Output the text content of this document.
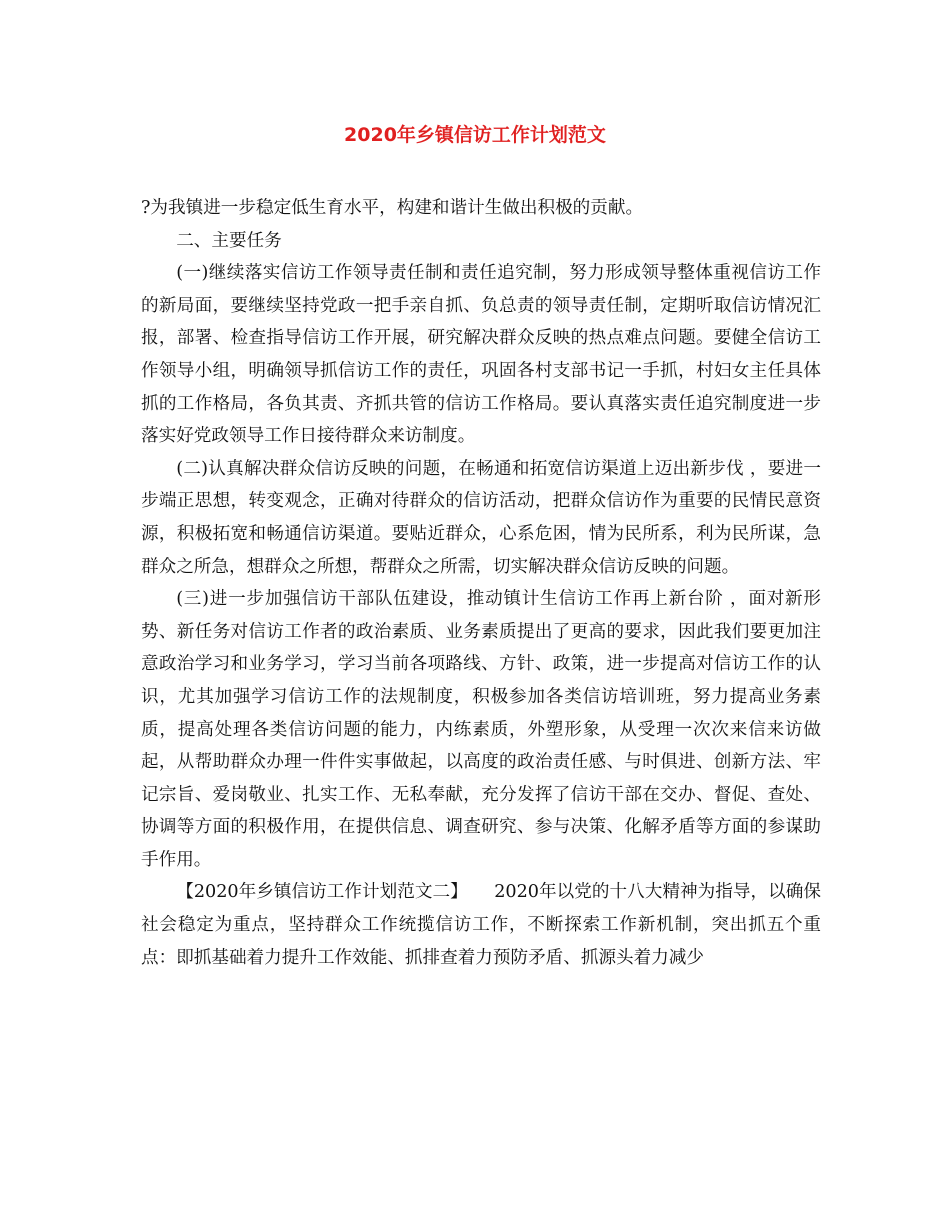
2020年乡镇信访工作计划范文

?为我镇进一步稳定低生育水平，构建和谐计生做出积极的贡献。

二、主要任务

(一)继续落实信访工作领导责任制和责任追究制，努力形成领导整体重视信访工作的新局面，要继续坚持党政一把手亲自抓、负总责的领导责任制，定期听取信访情况汇报，部署、检查指导信访工作开展，研究解决群众反映的热点难点问题。要健全信访工作领导小组，明确领导抓信访工作的责任，巩固各村支部书记一手抓，村妇女主任具体抓的工作格局，各负其责、齐抓共管的信访工作格局。要认真落实责任追究制度进一步落实好党政领导工作日接待群众来访制度。

(二)认真解决群众信访反映的问题，在畅通和拓宽信访渠道上迈出新步伐 ，要进一步端正思想，转变观念，正确对待群众的信访活动，把群众信访作为重要的民情民意资源，积极拓宽和畅通信访渠道。要贴近群众，心系危困，情为民所系，利为民所谋，急群众之所急，想群众之所想，帮群众之所需，切实解决群众信访反映的问题。

(三)进一步加强信访干部队伍建设，推动镇计生信访工作再上新台阶 ，面对新形势、新任务对信访工作者的政治素质、业务素质提出了更高的要求，因此我们要更加注意政治学习和业务学习，学习当前各项路线、方针、政策，进一步提高对信访工作的认识，尤其加强学习信访工作的法规制度，积极参加各类信访培训班，努力提高业务素质，提高处理各类信访问题的能力，内练素质，外塑形象，从受理一次次来信来访做起，从帮助群众办理一件件实事做起，以高度的政治责任感、与时俱进、创新方法、牢记宗旨、爱岗敬业、扎实工作、无私奉献，充分发挥了信访干部在交办、督促、查处、协调等方面的积极作用，在提供信息、调查研究、参与决策、化解矛盾等方面的参谋助手作用。

【2020年乡镇信访工作计划范文二】　　2020年以党的十八大精神为指导，以确保社会稳定为重点，坚持群众工作统揽信访工作，不断探索工作新机制，突出抓五个重点：即抓基础着力提升工作效能、抓排查着力预防矛盾、抓源头着力减少
